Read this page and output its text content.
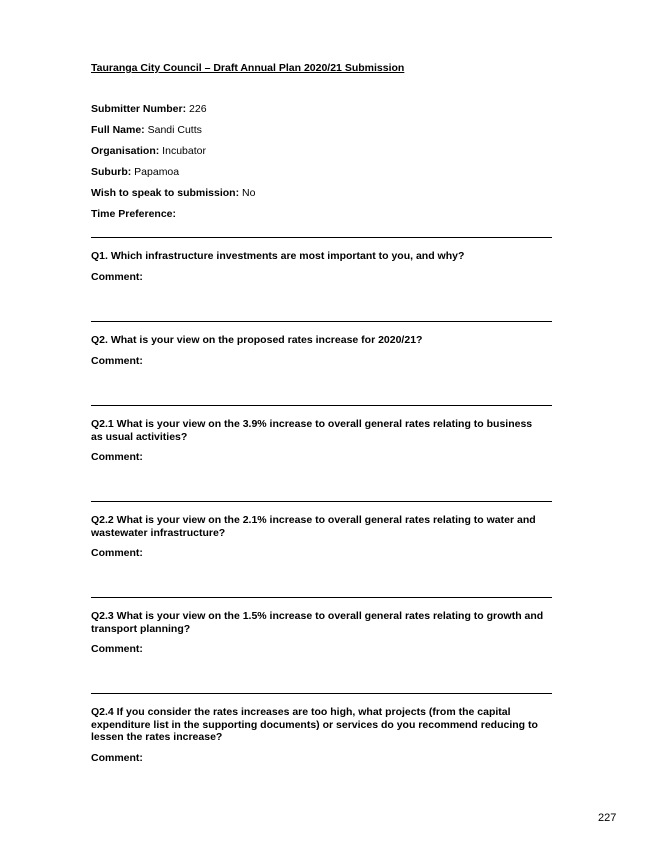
Tauranga City Council – Draft Annual Plan 2020/21 Submission
Submitter Number: 226
Full Name: Sandi Cutts
Organisation: Incubator
Suburb: Papamoa
Wish to speak to submission: No
Time Preference:
Q1. Which infrastructure investments are most important to you, and why?
Comment:
Q2. What is your view on the proposed rates increase for 2020/21?
Comment:
Q2.1 What is your view on the 3.9% increase to overall general rates relating to business as usual activities?
Comment:
Q2.2 What is your view on the 2.1% increase to overall general rates relating to water and wastewater infrastructure?
Comment:
Q2.3 What is your view on the 1.5% increase to overall general rates relating to growth and transport planning?
Comment:
Q2.4 If you consider the rates increases are too high, what projects (from the capital expenditure list in the supporting documents) or services do you recommend reducing to lessen the rates increase?
Comment:
227
